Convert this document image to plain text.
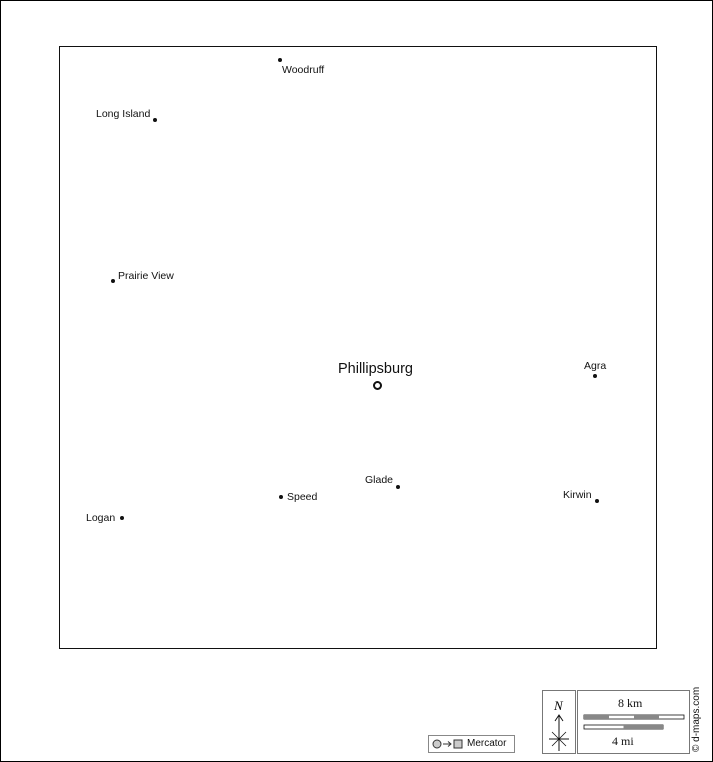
Woodruff
Long Island
Prairie View
Phillipsburg	Agra
Glade
Speed	Kirwin
Logan
Mercator
N	8 km
4 mi	© d-maps.com
